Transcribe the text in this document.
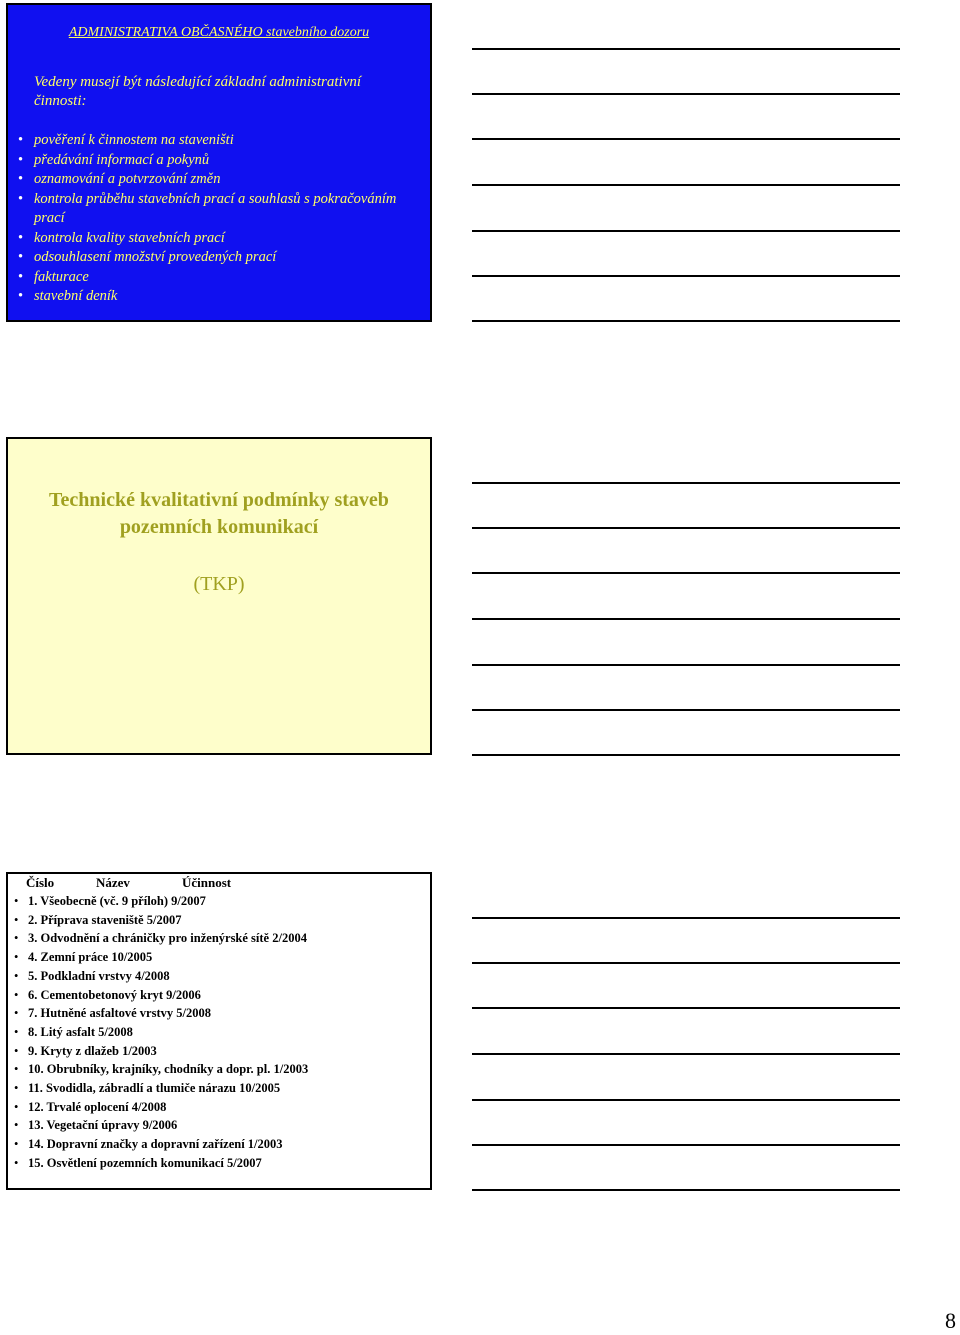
ADMINISTRATIVA OBČASNÉHO stavebního dozoru
Vedeny musejí být následující základní administrativní činnosti:
• pověření k činnostem na staveništi
• předávání informací a pokynů
• oznamování a potvrzování změn
• kontrola průběhu stavebních prací a souhlasů s pokračováním prací
• kontrola kvality stavebních prací
• odsouhlasení množství provedených prací
• fakturace
• stavební deník
Technické kvalitativní podmínky staveb pozemních komunikací
(TKP)
Číslo	Název	Účinnost
• 1. Všeobecně (vč. 9 příloh) 9/2007
• 2. Příprava staveniště 5/2007
• 3. Odvodnění a chráničky pro inženýrské sítě 2/2004
• 4. Zemní práce 10/2005
• 5. Podkladní vrstvy 4/2008
• 6. Cementobetonový kryt 9/2006
• 7. Hutněné asfaltové vrstvy 5/2008
• 8. Litý asfalt 5/2008
• 9. Kryty z dlažeb 1/2003
• 10. Obrubníky, krajníky, chodníky a dopr. pl. 1/2003
• 11. Svodidla, zábradlí a tlumiče nárazu 10/2005
• 12. Trvalé oplocení 4/2008
• 13. Vegetační úpravy 9/2006
• 14. Dopravní značky a dopravní zařízení 1/2003
• 15. Osvětlení pozemních komunikací 5/2007
8
